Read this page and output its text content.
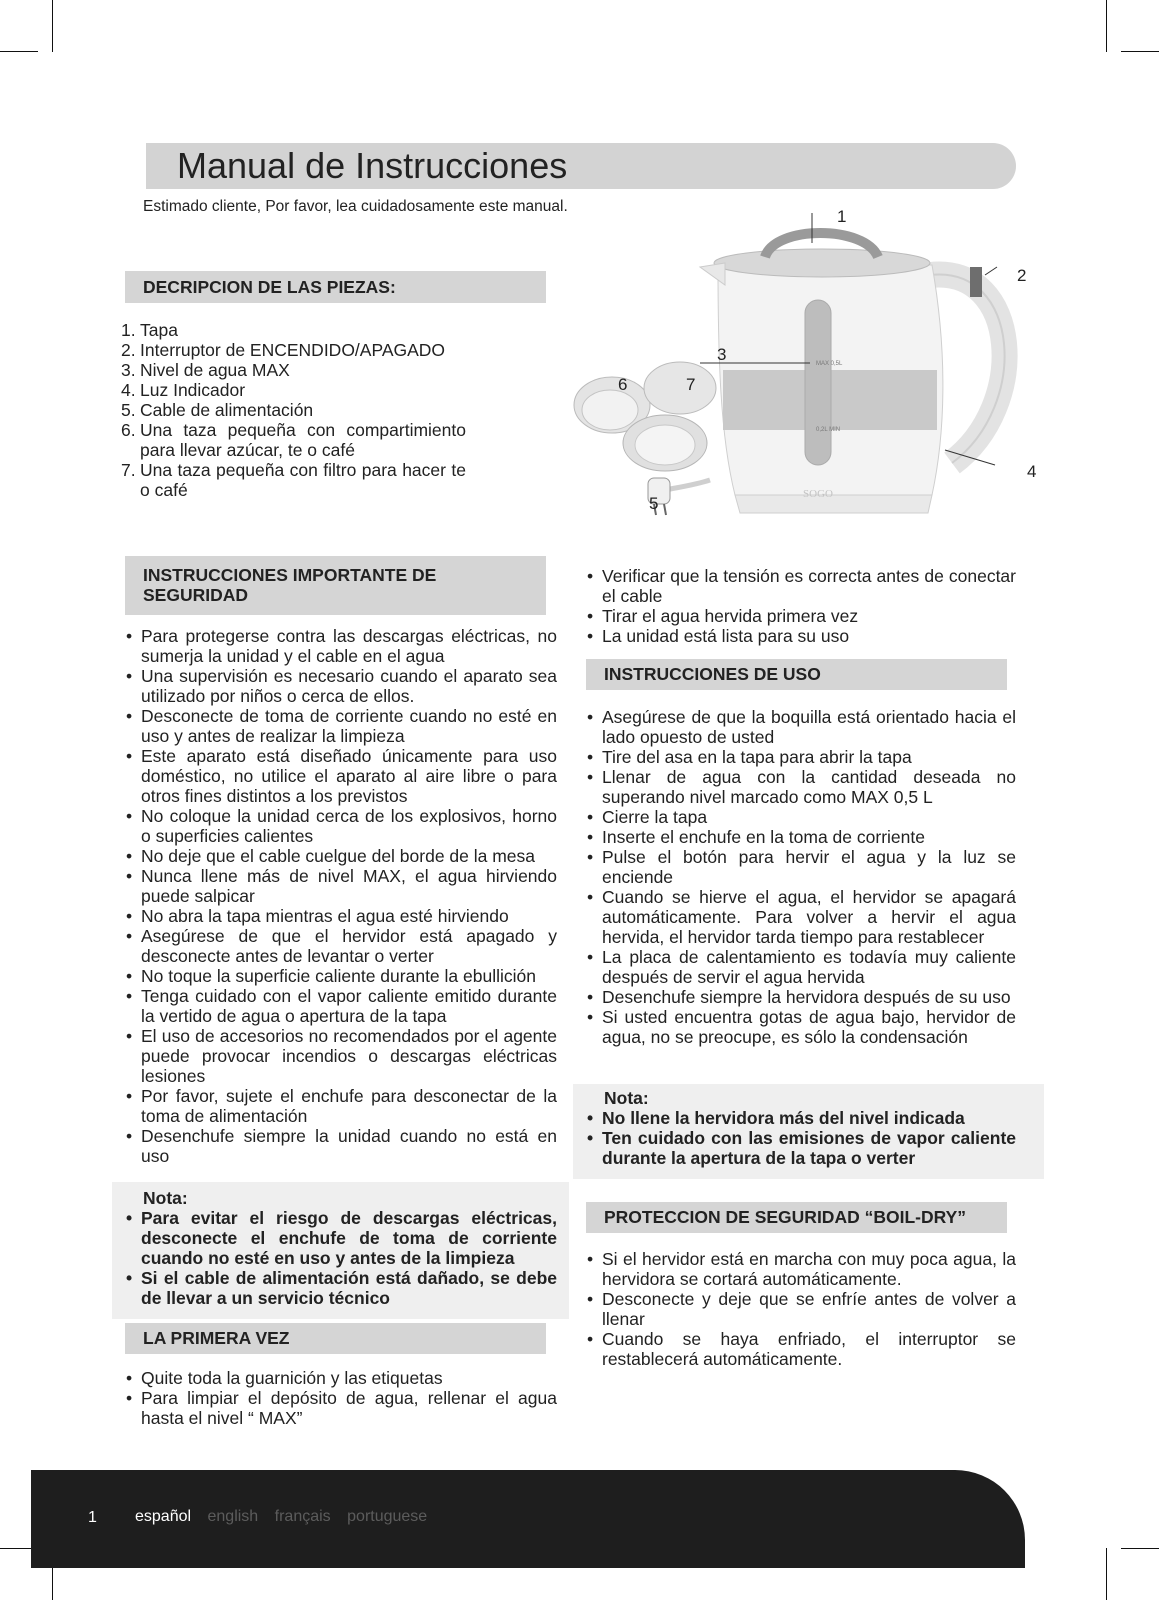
Manual de Instrucciones
Estimado cliente, Por favor, lea cuidadosamente este manual.
DECRIPCION DE LAS PIEZAS:
1. Tapa
2. Interruptor de ENCENDIDO/APAGADO
3. Nivel de agua MAX
4. Luz Indicador
5. Cable de alimentación
6. Una taza pequeña con compartimiento para llevar azúcar, te o café
7. Una taza pequeña con filtro para hacer te o café
MAX 0,5L
0,2L MIN
SOGO
1
2
3
4
5
6	7
INSTRUCCIONES IMPORTANTE DE
SEGURIDAD
• Para protegerse contra las descargas eléctricas, no sumerja la unidad y el cable en el agua
• Una supervisión es necesario cuando el aparato sea utilizado por niños o cerca de ellos.
• Desconecte de toma de corriente cuando no esté en uso y antes de realizar la limpieza
• Este aparato está diseñado únicamente para uso doméstico, no utilice el aparato al aire libre o para otros fines distintos a los previstos
• No coloque la unidad cerca de los explosivos, horno o superficies calientes
• No deje que el cable cuelgue del borde de la mesa
• Nunca llene más de nivel MAX, el agua hirviendo puede salpicar
• No abra la tapa mientras el agua esté hirviendo
• Asegúrese de que el hervidor está apagado y desconecte antes de levantar o verter
• No toque la superficie caliente durante la ebullición
• Tenga cuidado con el vapor caliente emitido durante la vertido de agua o apertura de la tapa
• El uso de accesorios no recomendados por el agente puede provocar incendios o descargas eléctricas lesiones
• Por favor, sujete el enchufe para desconectar de la toma de alimentación
• Desenchufe siempre la unidad cuando no está en uso
Nota:
• Para evitar el riesgo de descargas eléctricas, desconecte el enchufe de toma de corriente cuando no esté en uso y antes de la limpieza
• Si el cable de alimentación está dañado, se debe de llevar a un servicio técnico
LA PRIMERA VEZ
• Quite toda la guarnición y las etiquetas
• Para limpiar el depósito de agua, rellenar el agua hasta el nivel “ MAX”
• Verificar que la tensión es correcta antes de conectar el cable
• Tirar el agua hervida primera vez
• La unidad está lista para su uso
INSTRUCCIONES DE USO
• Asegúrese de que la boquilla está orientado hacia el lado opuesto de usted
• Tire del asa en la tapa para abrir la tapa
• Llenar de agua con la cantidad deseada no superando nivel marcado como MAX 0,5 L
• Cierre la tapa
• Inserte el enchufe en la toma de corriente
• Pulse el botón para hervir el agua y la luz se enciende
• Cuando se hierve el agua, el hervidor se apagará automáticamente. Para volver a hervir el agua hervida, el hervidor tarda tiempo para restablecer
• La placa de calentamiento es todavía muy caliente después de servir el agua hervida
• Desenchufe siempre la hervidora después de su uso
• Si usted encuentra gotas de agua bajo, hervidor de agua, no se preocupe, es sólo la condensación
Nota:
• No llene la hervidora más del nivel indicada
• Ten cuidado con las emisiones de vapor caliente durante la apertura de la tapa o verter
PROTECCION DE SEGURIDAD “BOIL-DRY”
• Si el hervidor está en marcha con muy poca agua, la hervidora se cortará automáticamente.
• Desconecte y deje que se enfríe antes de volver a llenar
• Cuando se haya enfriado, el interruptor se restablecerá automáticamente.
1 español english français portuguese
